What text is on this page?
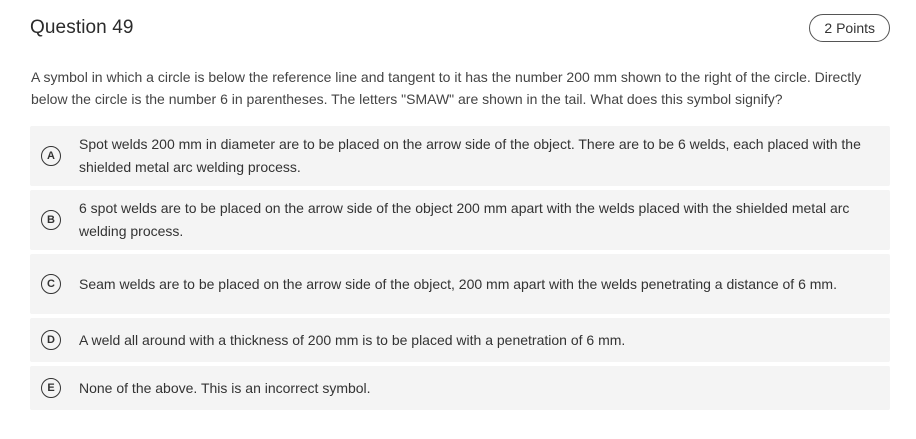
Question 49	2 Points
A symbol in which a circle is below the reference line and tangent to it has the number 200 mm shown to the right of the circle. Directly below the circle is the number 6 in parentheses. The letters "SMAW" are shown in the tail. What does this symbol signify?
A
Spot welds 200 mm in diameter are to be placed on the arrow side of the object. There are to be 6 welds, each placed with the shielded metal arc welding process.
B
6 spot welds are to be placed on the arrow side of the object 200 mm apart with the welds placed with the shielded metal arc welding process.
C	Seam welds are to be placed on the arrow side of the object, 200 mm apart with the welds penetrating a distance of 6 mm.
D	A weld all around with a thickness of 200 mm is to be placed with a penetration of 6 mm.
E	None of the above. This is an incorrect symbol.
